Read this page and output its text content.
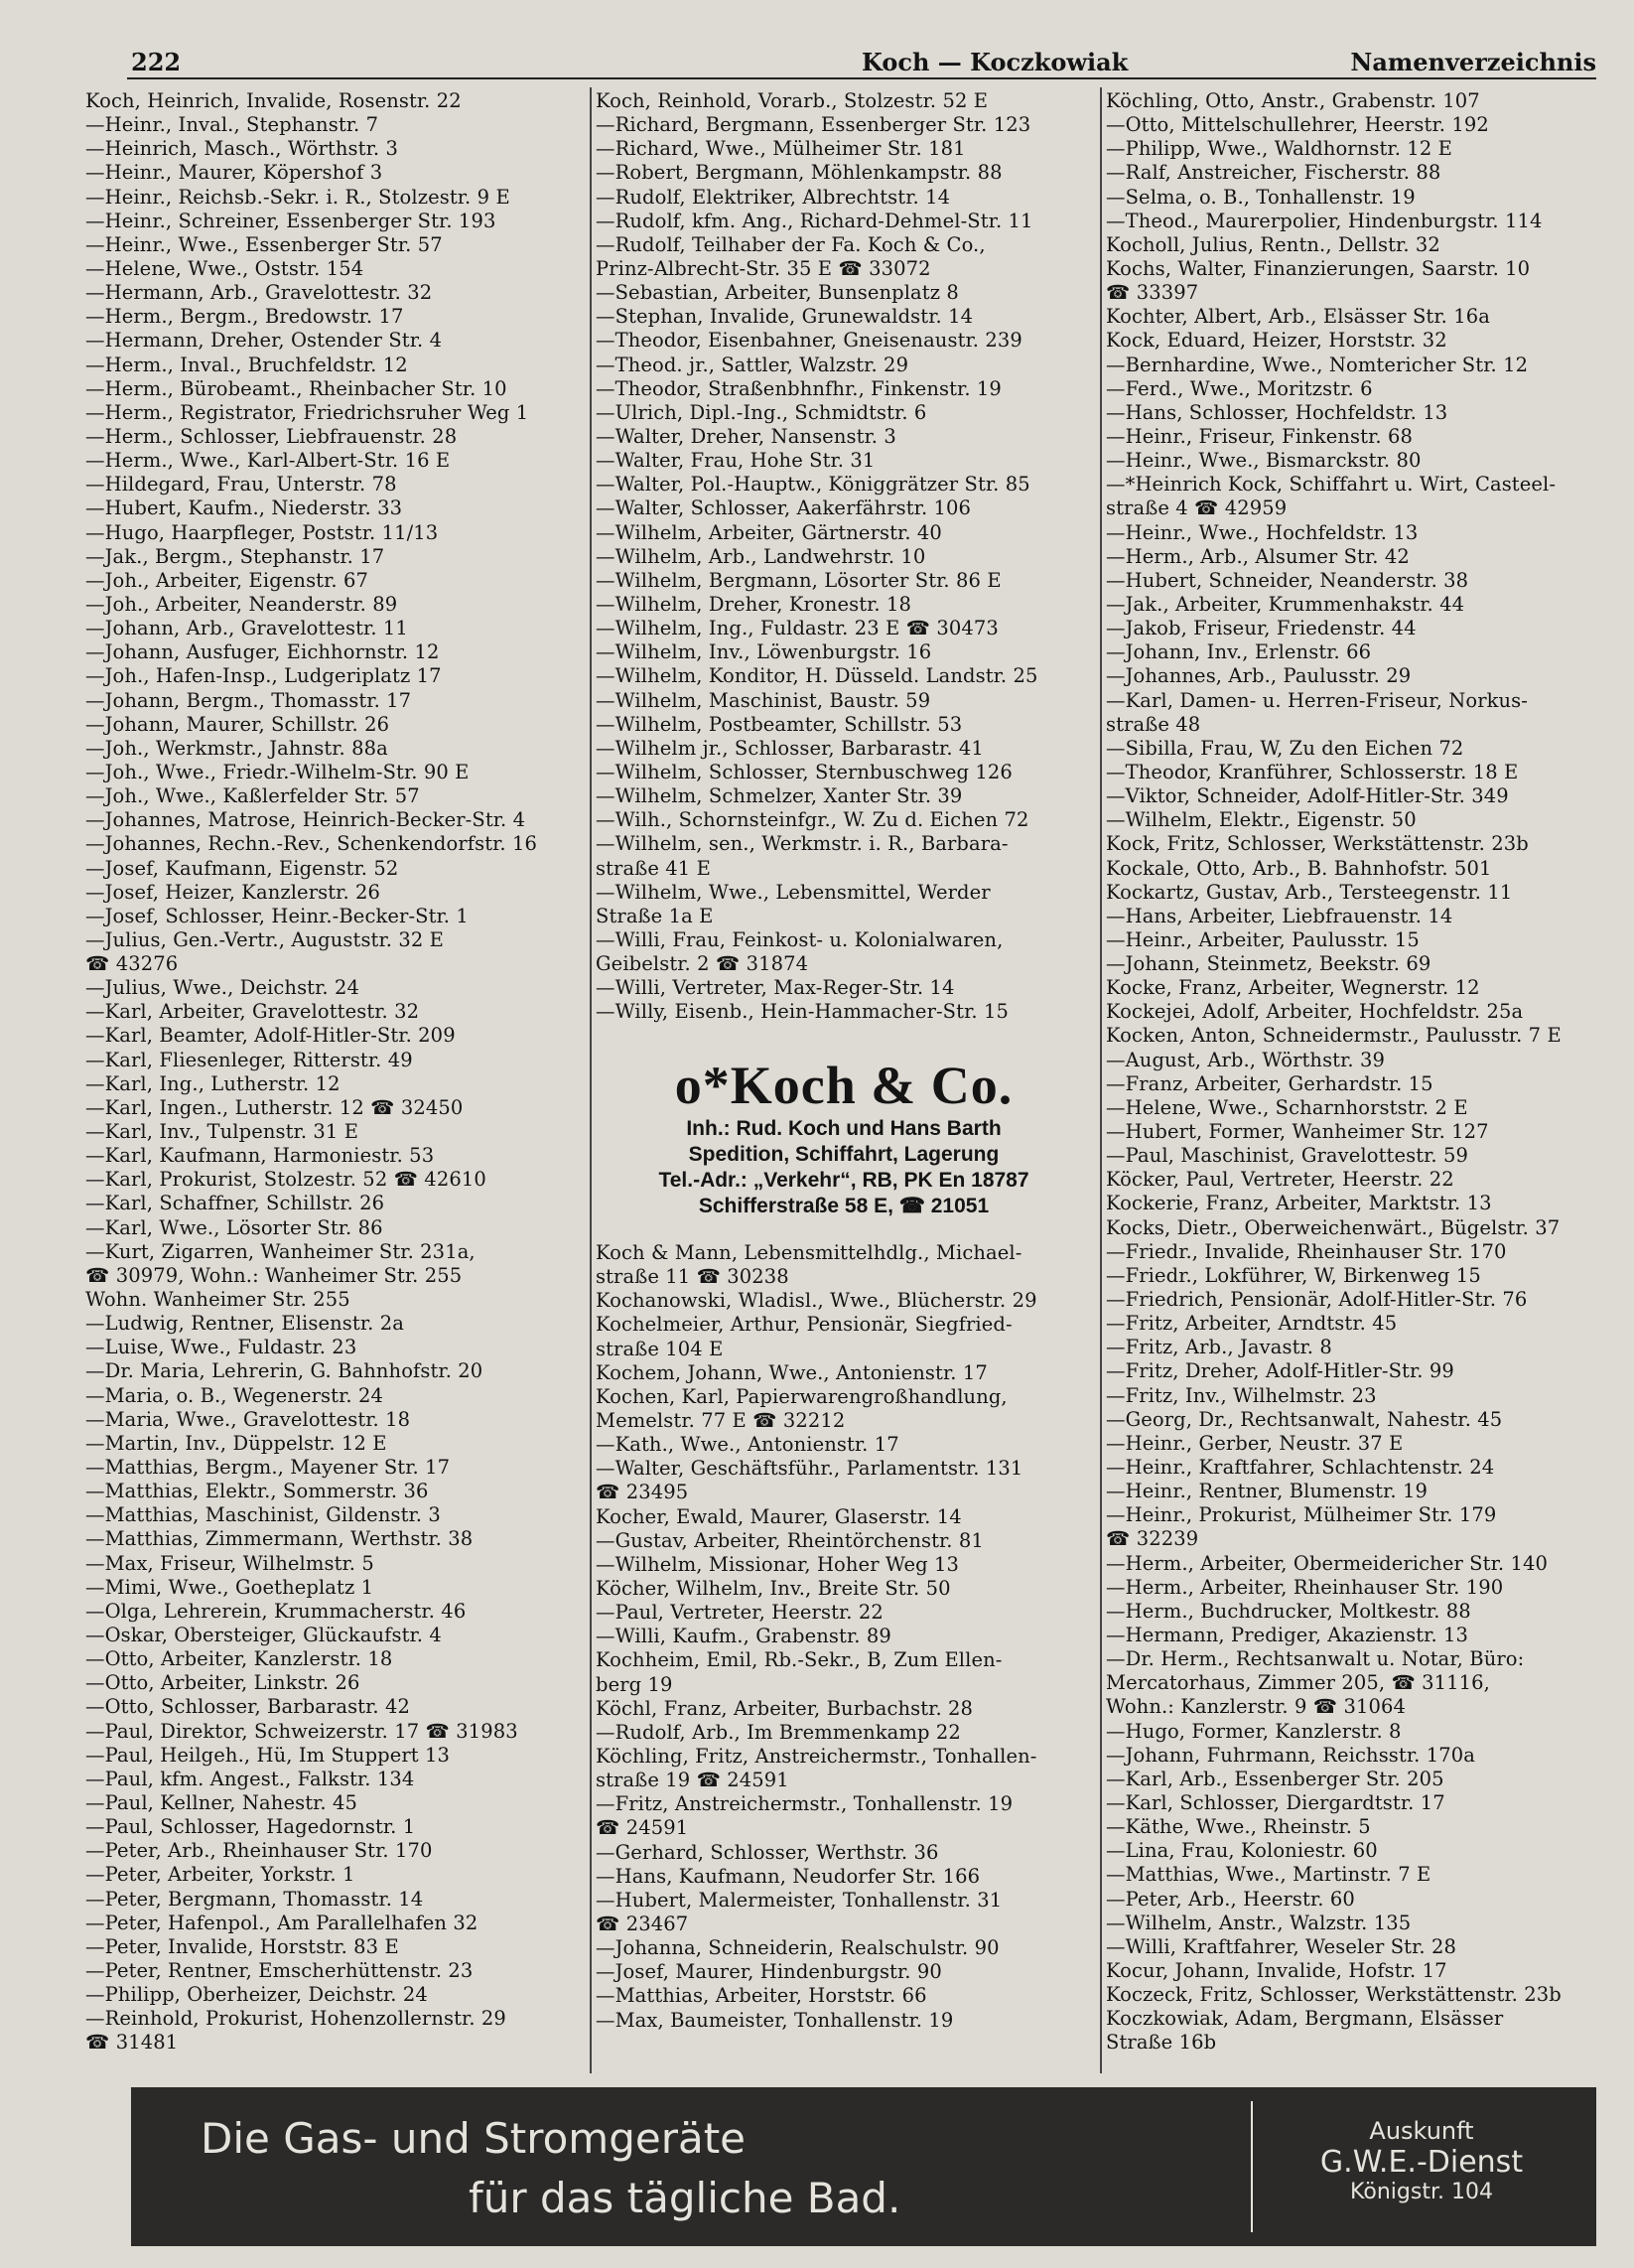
222	Koch — Koczkowiak	Namenverzeichnis
Koch, Heinrich, Invalide, Rosenstr. 22
—Heinr., Inval., Stephanstr. 7
—Heinrich, Masch., Wörthstr. 3
—Heinr., Maurer, Köpershof 3
—Heinr., Reichsb.-Sekr. i. R., Stolzestr. 9 E
—Heinr., Schreiner, Essenberger Str. 193
—Heinr., Wwe., Essenberger Str. 57
—Helene, Wwe., Oststr. 154
—Hermann, Arb., Gravelottestr. 32
—Herm., Bergm., Bredowstr. 17
—Hermann, Dreher, Ostender Str. 4
—Herm., Inval., Bruchfeldstr. 12
—Herm., Bürobeamt., Rheinbacher Str. 10
—Herm., Registrator, Friedrichsruher Weg 1
—Herm., Schlosser, Liebfrauenstr. 28
—Herm., Wwe., Karl-Albert-Str. 16 E
—Hildegard, Frau, Unterstr. 78
—Hubert, Kaufm., Niederstr. 33
—Hugo, Haarpfleger, Poststr. 11/13
—Jak., Bergm., Stephanstr. 17
—Joh., Arbeiter, Eigenstr. 67
—Joh., Arbeiter, Neanderstr. 89
—Johann, Arb., Gravelottestr. 11
—Johann, Ausfuger, Eichhornstr. 12
—Joh., Hafen-Insp., Ludgeriplatz 17
—Johann, Bergm., Thomasstr. 17
—Johann, Maurer, Schillstr. 26
—Joh., Werkmstr., Jahnstr. 88a
—Joh., Wwe., Friedr.-Wilhelm-Str. 90 E
—Joh., Wwe., Kaßlerfelder Str. 57
—Johannes, Matrose, Heinrich-Becker-Str. 4
—Johannes, Rechn.-Rev., Schenkendorfstr. 16
—Josef, Kaufmann, Eigenstr. 52
—Josef, Heizer, Kanzlerstr. 26
—Josef, Schlosser, Heinr.-Becker-Str. 1
—Julius, Gen.-Vertr., Auguststr. 32 E
☎ 43276
—Julius, Wwe., Deichstr. 24
—Karl, Arbeiter, Gravelottestr. 32
—Karl, Beamter, Adolf-Hitler-Str. 209
—Karl, Fliesenleger, Ritterstr. 49
—Karl, Ing., Lutherstr. 12
—Karl, Ingen., Lutherstr. 12 ☎ 32450
—Karl, Inv., Tulpenstr. 31 E
—Karl, Kaufmann, Harmoniestr. 53
—Karl, Prokurist, Stolzestr. 52 ☎ 42610
—Karl, Schaffner, Schillstr. 26
—Karl, Wwe., Lösorter Str. 86
—Kurt, Zigarren, Wanheimer Str. 231a,
☎ 30979, Wohn.: Wanheimer Str. 255
Wohn. Wanheimer Str. 255
—Ludwig, Rentner, Elisenstr. 2a
—Luise, Wwe., Fuldastr. 23
—Dr. Maria, Lehrerin, G. Bahnhofstr. 20
—Maria, o. B., Wegenerstr. 24
—Maria, Wwe., Gravelottestr. 18
—Martin, Inv., Düppelstr. 12 E
—Matthias, Bergm., Mayener Str. 17
—Matthias, Elektr., Sommerstr. 36
—Matthias, Maschinist, Gildenstr. 3
—Matthias, Zimmermann, Werthstr. 38
—Max, Friseur, Wilhelmstr. 5
—Mimi, Wwe., Goetheplatz 1
—Olga, Lehrerein, Krummacherstr. 46
—Oskar, Obersteiger, Glückaufstr. 4
—Otto, Arbeiter, Kanzlerstr. 18
—Otto, Arbeiter, Linkstr. 26
—Otto, Schlosser, Barbarastr. 42
—Paul, Direktor, Schweizerstr. 17 ☎ 31983
—Paul, Heilgeh., Hü, Im Stuppert 13
—Paul, kfm. Angest., Falkstr. 134
—Paul, Kellner, Nahestr. 45
—Paul, Schlosser, Hagedornstr. 1
—Peter, Arb., Rheinhauser Str. 170
—Peter, Arbeiter, Yorkstr. 1
—Peter, Bergmann, Thomasstr. 14
—Peter, Hafenpol., Am Parallelhafen 32
—Peter, Invalide, Horststr. 83 E
—Peter, Rentner, Emscherhüttenstr. 23
—Philipp, Oberheizer, Deichstr. 24
—Reinhold, Prokurist, Hohenzollernstr. 29
☎ 31481
Koch, Reinhold, Vorarb., Stolzestr. 52 E
—Richard, Bergmann, Essenberger Str. 123
—Richard, Wwe., Mülheimer Str. 181
—Robert, Bergmann, Möhlenkampstr. 88
—Rudolf, Elektriker, Albrechtstr. 14
—Rudolf, kfm. Ang., Richard-Dehmel-Str. 11
—Rudolf, Teilhaber der Fa. Koch & Co.,
Prinz-Albrecht-Str. 35 E ☎ 33072
—Sebastian, Arbeiter, Bunsenplatz 8
—Stephan, Invalide, Grunewaldstr. 14
—Theodor, Eisenbahner, Gneisenaustr. 239
—Theod. jr., Sattler, Walzstr. 29
—Theodor, Straßenbhnfhr., Finkenstr. 19
—Ulrich, Dipl.-Ing., Schmidtstr. 6
—Walter, Dreher, Nansenstr. 3
—Walter, Frau, Hohe Str. 31
—Walter, Pol.-Hauptw., Königgrätzer Str. 85
—Walter, Schlosser, Aakerfährstr. 106
—Wilhelm, Arbeiter, Gärtnerstr. 40
—Wilhelm, Arb., Landwehrstr. 10
—Wilhelm, Bergmann, Lösorter Str. 86 E
—Wilhelm, Dreher, Kronestr. 18
—Wilhelm, Ing., Fuldastr. 23 E ☎ 30473
—Wilhelm, Inv., Löwenburgstr. 16
—Wilhelm, Konditor, H. Düsseld. Landstr. 25
—Wilhelm, Maschinist, Baustr. 59
—Wilhelm, Postbeamter, Schillstr. 53
—Wilhelm jr., Schlosser, Barbarastr. 41
—Wilhelm, Schlosser, Sternbuschweg 126
—Wilhelm, Schmelzer, Xanter Str. 39
—Wilh., Schornsteinfgr., W. Zu d. Eichen 72
—Wilhelm, sen., Werkmstr. i. R., Barbara-
straße 41 E
—Wilhelm, Wwe., Lebensmittel, Werder
Straße 1a E
—Willi, Frau, Feinkost- u. Kolonialwaren,
Geibelstr. 2 ☎ 31874
—Willi, Vertreter, Max-Reger-Str. 14
—Willy, Eisenb., Hein-Hammacher-Str. 15
o*Koch & Co.
Inh.: Rud. Koch und Hans Barth
Spedition, Schiffahrt, Lagerung
Tel.-Adr.: „Verkehr“, RB, PK En 18787
Schifferstraße 58 E, ☎ 21051
Koch & Mann, Lebensmittelhdlg., Michael-
straße 11 ☎ 30238
Kochanowski, Wladisl., Wwe., Blücherstr. 29
Kochelmeier, Arthur, Pensionär, Siegfried-
straße 104 E
Kochem, Johann, Wwe., Antonienstr. 17
Kochen, Karl, Papierwarengroßhandlung,
Memelstr. 77 E ☎ 32212
—Kath., Wwe., Antonienstr. 17
—Walter, Geschäftsführ., Parlamentstr. 131
☎ 23495
Kocher, Ewald, Maurer, Glaserstr. 14
—Gustav, Arbeiter, Rheintörchenstr. 81
—Wilhelm, Missionar, Hoher Weg 13
Köcher, Wilhelm, Inv., Breite Str. 50
—Paul, Vertreter, Heerstr. 22
—Willi, Kaufm., Grabenstr. 89
Kochheim, Emil, Rb.-Sekr., B, Zum Ellen-
berg 19
Köchl, Franz, Arbeiter, Burbachstr. 28
—Rudolf, Arb., Im Bremmenkamp 22
Köchling, Fritz, Anstreichermstr., Tonhallen-
straße 19 ☎ 24591
—Fritz, Anstreichermstr., Tonhallenstr. 19
☎ 24591
—Gerhard, Schlosser, Werthstr. 36
—Hans, Kaufmann, Neudorfer Str. 166
—Hubert, Malermeister, Tonhallenstr. 31
☎ 23467
—Johanna, Schneiderin, Realschulstr. 90
—Josef, Maurer, Hindenburgstr. 90
—Matthias, Arbeiter, Horststr. 66
—Max, Baumeister, Tonhallenstr. 19
Köchling, Otto, Anstr., Grabenstr. 107
—Otto, Mittelschullehrer, Heerstr. 192
—Philipp, Wwe., Waldhornstr. 12 E
—Ralf, Anstreicher, Fischerstr. 88
—Selma, o. B., Tonhallenstr. 19
—Theod., Maurerpolier, Hindenburgstr. 114
Kocholl, Julius, Rentn., Dellstr. 32
Kochs, Walter, Finanzierungen, Saarstr. 10
☎ 33397
Kochter, Albert, Arb., Elsässer Str. 16a
Kock, Eduard, Heizer, Horststr. 32
—Bernhardine, Wwe., Nomtericher Str. 12
—Ferd., Wwe., Moritzstr. 6
—Hans, Schlosser, Hochfeldstr. 13
—Heinr., Friseur, Finkenstr. 68
—Heinr., Wwe., Bismarckstr. 80
—*Heinrich Kock, Schiffahrt u. Wirt, Casteel-
straße 4 ☎ 42959
—Heinr., Wwe., Hochfeldstr. 13
—Herm., Arb., Alsumer Str. 42
—Hubert, Schneider, Neanderstr. 38
—Jak., Arbeiter, Krummenhakstr. 44
—Jakob, Friseur, Friedenstr. 44
—Johann, Inv., Erlenstr. 66
—Johannes, Arb., Paulusstr. 29
—Karl, Damen- u. Herren-Friseur, Norkus-
straße 48
—Sibilla, Frau, W, Zu den Eichen 72
—Theodor, Kranführer, Schlosserstr. 18 E
—Viktor, Schneider, Adolf-Hitler-Str. 349
—Wilhelm, Elektr., Eigenstr. 50
Kock, Fritz, Schlosser, Werkstättenstr. 23b
Kockale, Otto, Arb., B. Bahnhofstr. 501
Kockartz, Gustav, Arb., Tersteegenstr. 11
—Hans, Arbeiter, Liebfrauenstr. 14
—Heinr., Arbeiter, Paulusstr. 15
—Johann, Steinmetz, Beekstr. 69
Kocke, Franz, Arbeiter, Wegnerstr. 12
Kockejei, Adolf, Arbeiter, Hochfeldstr. 25a
Kocken, Anton, Schneidermstr., Paulusstr. 7 E
—August, Arb., Wörthstr. 39
—Franz, Arbeiter, Gerhardstr. 15
—Helene, Wwe., Scharnhorststr. 2 E
—Hubert, Former, Wanheimer Str. 127
—Paul, Maschinist, Gravelottestr. 59
Köcker, Paul, Vertreter, Heerstr. 22
Kockerie, Franz, Arbeiter, Marktstr. 13
Kocks, Dietr., Oberweichenwärt., Bügelstr. 37
—Friedr., Invalide, Rheinhauser Str. 170
—Friedr., Lokführer, W, Birkenweg 15
—Friedrich, Pensionär, Adolf-Hitler-Str. 76
—Fritz, Arbeiter, Arndtstr. 45
—Fritz, Arb., Javastr. 8
—Fritz, Dreher, Adolf-Hitler-Str. 99
—Fritz, Inv., Wilhelmstr. 23
—Georg, Dr., Rechtsanwalt, Nahestr. 45
—Heinr., Gerber, Neustr. 37 E
—Heinr., Kraftfahrer, Schlachtenstr. 24
—Heinr., Rentner, Blumenstr. 19
—Heinr., Prokurist, Mülheimer Str. 179
☎ 32239
—Herm., Arbeiter, Obermeidericher Str. 140
—Herm., Arbeiter, Rheinhauser Str. 190
—Herm., Buchdrucker, Moltkestr. 88
—Hermann, Prediger, Akazienstr. 13
—Dr. Herm., Rechtsanwalt u. Notar, Büro:
Mercatorhaus, Zimmer 205, ☎ 31116,
Wohn.: Kanzlerstr. 9 ☎ 31064
—Hugo, Former, Kanzlerstr. 8
—Johann, Fuhrmann, Reichsstr. 170a
—Karl, Arb., Essenberger Str. 205
—Karl, Schlosser, Diergardtstr. 17
—Käthe, Wwe., Rheinstr. 5
—Lina, Frau, Koloniestr. 60
—Matthias, Wwe., Martinstr. 7 E
—Peter, Arb., Heerstr. 60
—Wilhelm, Anstr., Walzstr. 135
—Willi, Kraftfahrer, Weseler Str. 28
Kocur, Johann, Invalide, Hofstr. 17
Koczeck, Fritz, Schlosser, Werkstättenstr. 23b
Koczkowiak, Adam, Bergmann, Elsässer
Straße 16b
Die Gas- und Stromgeräte
für das tägliche Bad.
Auskunft
G.W.E.-Dienst
Königstr. 104
